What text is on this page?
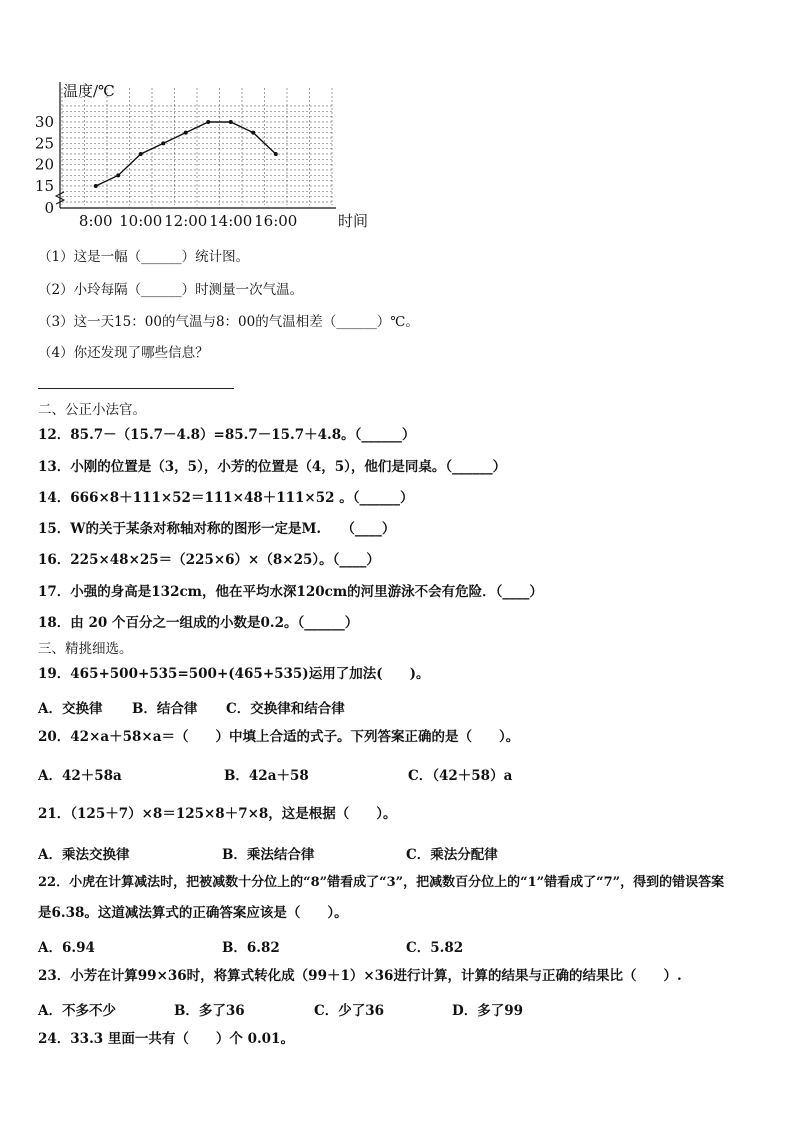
0
15
20
25
30
温度/℃
8:00 10:00 12:00 14:00 16:00	时间
（1）这是一幅（______）统计图。
（2）小玲每隔（______）时测量一次气温。
（3）这一天15：00的气温与8：00的气温相差（______）℃。
（4）你还发现了哪些信息？
二、公正小法官。
12．85.7－（15.7－4.8）=85.7－15.7＋4.8。（______）
13．小刚的位置是（3，5），小芳的位置是（4，5），他们是同桌。（______）
14．666×8＋111×52＝111×48＋111×52 。（______）
15．W的关于某条对称轴对称的图形一定是M.　　（____）
16．225×48×25＝（225×6）×（8×25）。（____）
17．小强的身高是132cm，他在平均水深120cm的河里游泳不会有危险．（____）
18．由 20 个百分之一组成的小数是0.2。（______）
三、精挑细选。
19．465+500+535=500+(465+535)运用了加法(　　)。
A．交换律 B．结合律 C．交换律和结合律
20．42×a＋58×a＝（　　）中填上合适的式子。下列答案正确的是（　　）。
A．42＋58a	B．42a＋58	C．（42＋58）a
21．（125＋7）×8＝125×8＋7×8，这是根据（　　）。
A．乘法交换律	B．乘法结合律	C．乘法分配律
22．小虎在计算减法时，把被减数十分位上的“8”错看成了“3”，把减数百分位上的“1”错看成了“7”，得到的错误答案
是6.38。这道减法算式的正确答案应该是（　　）。
A．6.94	B．6.82	C．5.82
23．小芳在计算99×36时，将算式转化成（99＋1）×36进行计算，计算的结果与正确的结果比（　　）.
A．不多不少	B．多了36	C．少了36	D．多了99
24．33.3 里面一共有（　　）个 0.01。
